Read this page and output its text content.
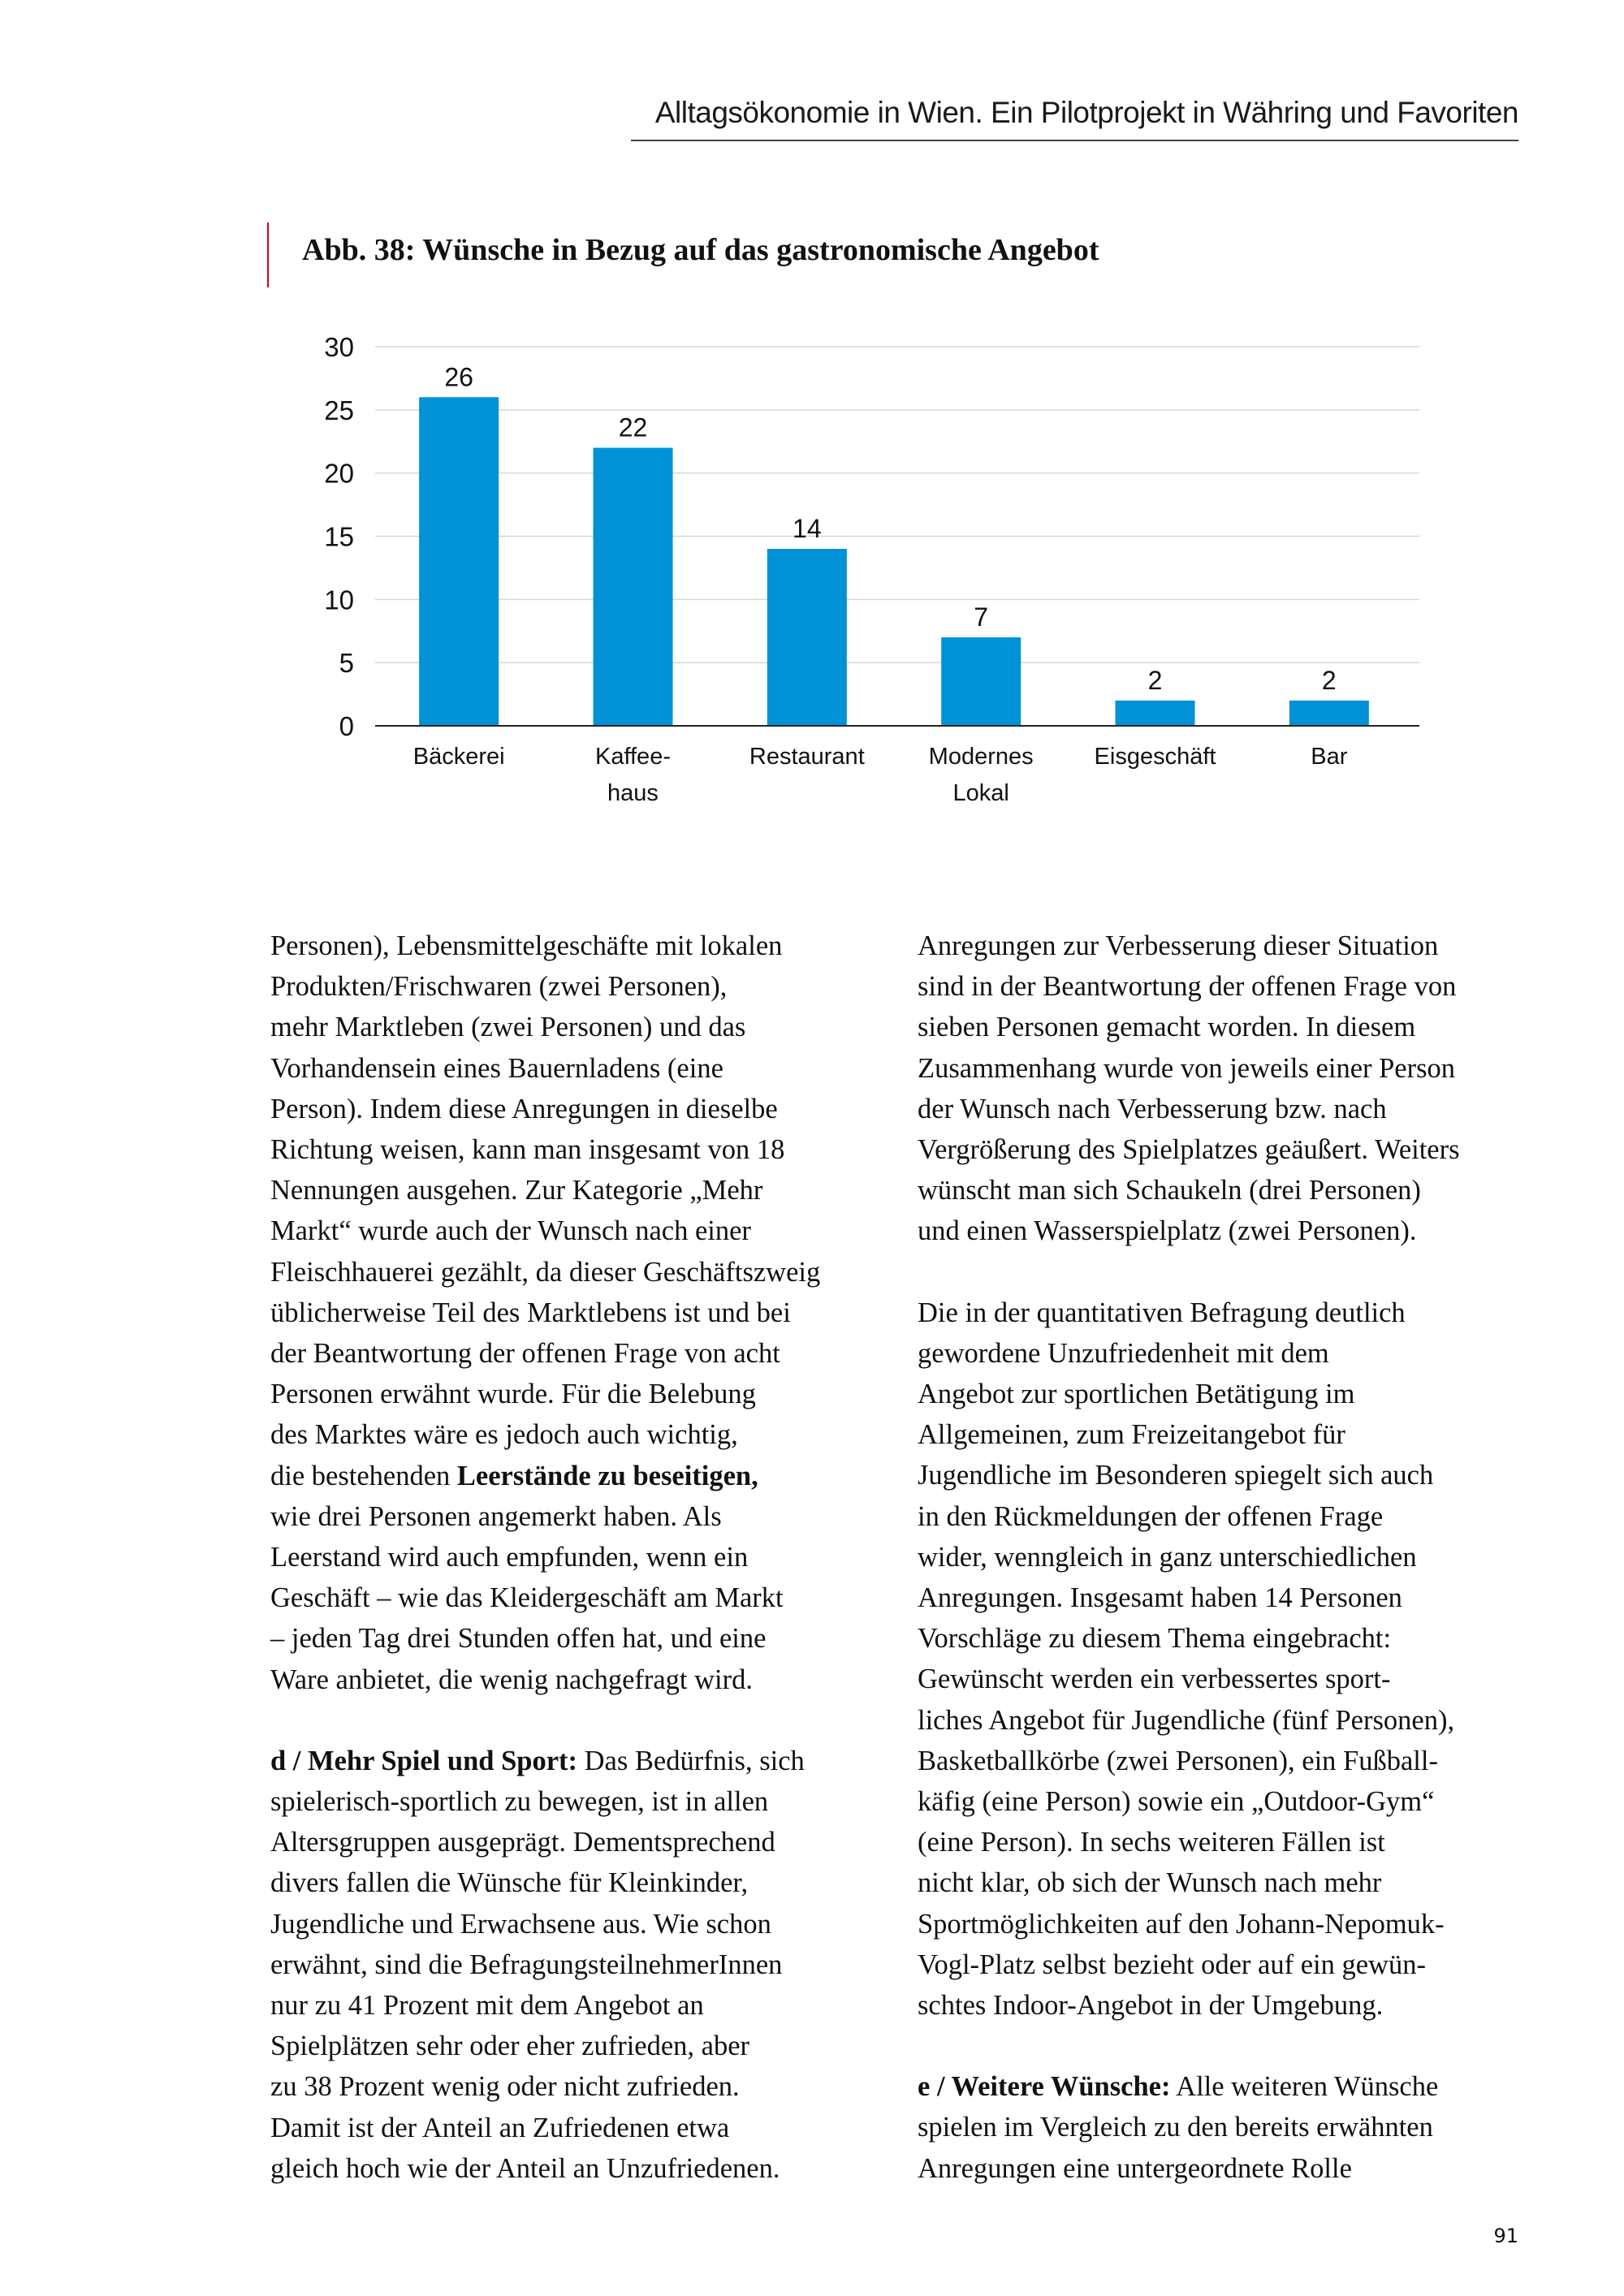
Alltagsökonomie in Wien. Ein Pilotprojekt in Währing und Favoriten
Abb. 38: Wünsche in Bezug auf das gastronomische Angebot
0
5
10
15
20
25
30
26
Bäckerei
22
Kaffee-haus
14
Restaurant
7
Modernes Lokal
2
Eisgeschäft
2
Bar

Personen), Lebensmittelgeschäfte mit lokalen
Produkten/Frischwaren (zwei Personen),
mehr Marktleben (zwei Personen) und das
Vorhandensein eines Bauernladens (eine
Person). Indem diese Anregungen in dieselbe
Richtung weisen, kann man insgesamt von 18
Nennungen ausgehen. Zur Kategorie „Mehr
Markt“ wurde auch der Wunsch nach einer
Fleischhauerei gezählt, da dieser Geschäftszweig
üblicherweise Teil des Marktlebens ist und bei
der Beantwortung der offenen Frage von acht
Personen erwähnt wurde. Für die Belebung
des Marktes wäre es jedoch auch wichtig,
die bestehenden Leerstände zu beseitigen,
wie drei Personen angemerkt haben. Als
Leerstand wird auch empfunden, wenn ein
Geschäft – wie das Kleidergeschäft am Markt
– jeden Tag drei Stunden offen hat, und eine
Ware anbietet, die wenig nachgefragt wird.

d / Mehr Spiel und Sport: Das Bedürfnis, sich
spielerisch-sportlich zu bewegen, ist in allen
Altersgruppen ausgeprägt. Dementsprechend
divers fallen die Wünsche für Kleinkinder,
Jugendliche und Erwachsene aus. Wie schon
erwähnt, sind die BefragungsteilnehmerInnen
nur zu 41 Prozent mit dem Angebot an
Spielplätzen sehr oder eher zufrieden, aber
zu 38 Prozent wenig oder nicht zufrieden.
Damit ist der Anteil an Zufriedenen etwa
gleich hoch wie der Anteil an Unzufriedenen.

Anregungen zur Verbesserung dieser Situation
sind in der Beantwortung der offenen Frage von
sieben Personen gemacht worden. In diesem
Zusammenhang wurde von jeweils einer Person
der Wunsch nach Verbesserung bzw. nach
Vergrößerung des Spielplatzes geäußert. Weiters
wünscht man sich Schaukeln (drei Personen)
und einen Wasserspielplatz (zwei Personen).

Die in der quantitativen Befragung deutlich
gewordene Unzufriedenheit mit dem
Angebot zur sportlichen Betätigung im
Allgemeinen, zum Freizeitangebot für
Jugendliche im Besonderen spiegelt sich auch
in den Rückmeldungen der offenen Frage
wider, wenngleich in ganz unterschiedlichen
Anregungen. Insgesamt haben 14 Personen
Vorschläge zu diesem Thema eingebracht:
Gewünscht werden ein verbessertes sport-
liches Angebot für Jugendliche (fünf Personen),
Basketballkörbe (zwei Personen), ein Fußball-
käfig (eine Person) sowie ein „Outdoor-Gym“
(eine Person). In sechs weiteren Fällen ist
nicht klar, ob sich der Wunsch nach mehr
Sportmöglichkeiten auf den Johann-Nepomuk-
Vogl-Platz selbst bezieht oder auf ein gewün-
schtes Indoor-Angebot in der Umgebung.

e / Weitere Wünsche: Alle weiteren Wünsche
spielen im Vergleich zu den bereits erwähnten
Anregungen eine untergeordnete Rolle

91
